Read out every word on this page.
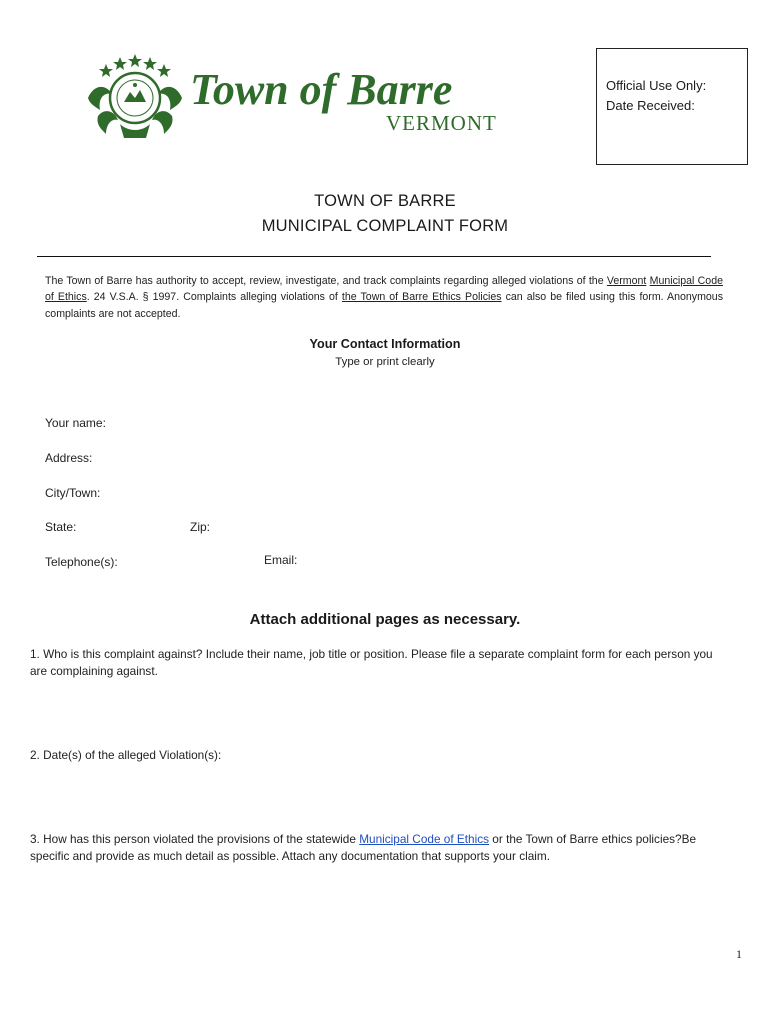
Town of Barre
VERMONT
Official Use Only:
Date Received:
TOWN OF BARRE
MUNICIPAL COMPLAINT FORM
The Town of Barre has authority to accept, review, investigate, and track complaints regarding alleged violations of the Vermont Municipal Code of Ethics. 24 V.S.A. § 1997. Complaints alleging violations of the Town of Barre Ethics Policies can also be filed using this form. Anonymous complaints are not accepted.
Your Contact Information
Type or print clearly
Your name:
Address:
City/Town:
State:	Zip:
Telephone(s):	Email:
Attach additional pages as necessary.
1. Who is this complaint against? Include their name, job title or position. Please file a separate complaint form for each person you are complaining against.
2. Date(s) of the alleged Violation(s):
3. How has this person violated the provisions of the statewide Municipal Code of Ethics or the Town of Barre ethics policies?Be specific and provide as much detail as possible. Attach any documentation that supports your claim.
1
